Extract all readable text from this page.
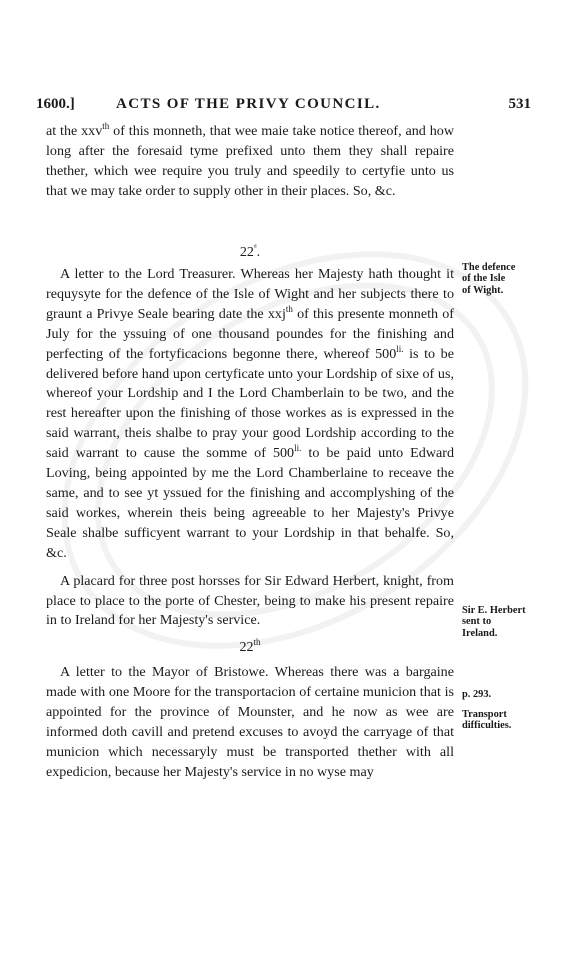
1600.]	ACTS OF THE PRIVY COUNCIL.	531

at the xxv$^{th}$ of this monneth, that wee maie take notice thereof, and how long after the foresaid tyme prefixed unto them they shall repaire thether, which wee require you truly and speedily to certyfie unto us that we may take order to supply other in their places. So, &c.

$22^ᵈ$.

A letter to the Lord Treasurer. Whereas her Majesty hath thought it requysyte for the defence of the Isle of Wight and her subjects there to graunt a Privye Seale bearing date the xxj$^{th}$ of this presente monneth of July for the yssuing of one thousand poundes for the finishing and perfecting of the fortyficacions begonne there, whereof $500^{li.}$ is to be delivered before hand upon certyficate unto your Lordship of sixe of us, whereof your Lordship and I the Lord Chamberlain to be two, and the rest hereafter upon the finishing of those workes as is expressed in the said warrant, theis shalbe to pray your good Lordship according to the said warrant to cause the somme of $500^{li.}$ to be paid unto Edward Loving, being appointed by me the Lord Chamberlaine to receave the same, and to see yt yssued for the finishing and accomplyshing of the said workes, wherein theis being agreeable to her Majesty's Privye Seale shalbe sufficyent warrant to your Lordship in that behalfe. So, &c.

A placard for three post horsses for Sir Edward Herbert, knight, from place to place to the porte of Chester, being to make his present repaire in to Ireland for her Majesty's service.

22th

A letter to the Mayor of Bristowe. Whereas there was a bargaine made with one Moore for the transportacion of certaine municion that is appointed for the province of Mounster, and he now as wee are informed doth cavill and pretend excuses to avoyd the carryage of that municion which necessaryly must be transported thether with all expedicion, because her Majesty's service in no wyse may

The defence
of the Isle
of Wight.
Sir E. Herbert
sent to
Ireland.
p. 293.
Transport
difficulties.
